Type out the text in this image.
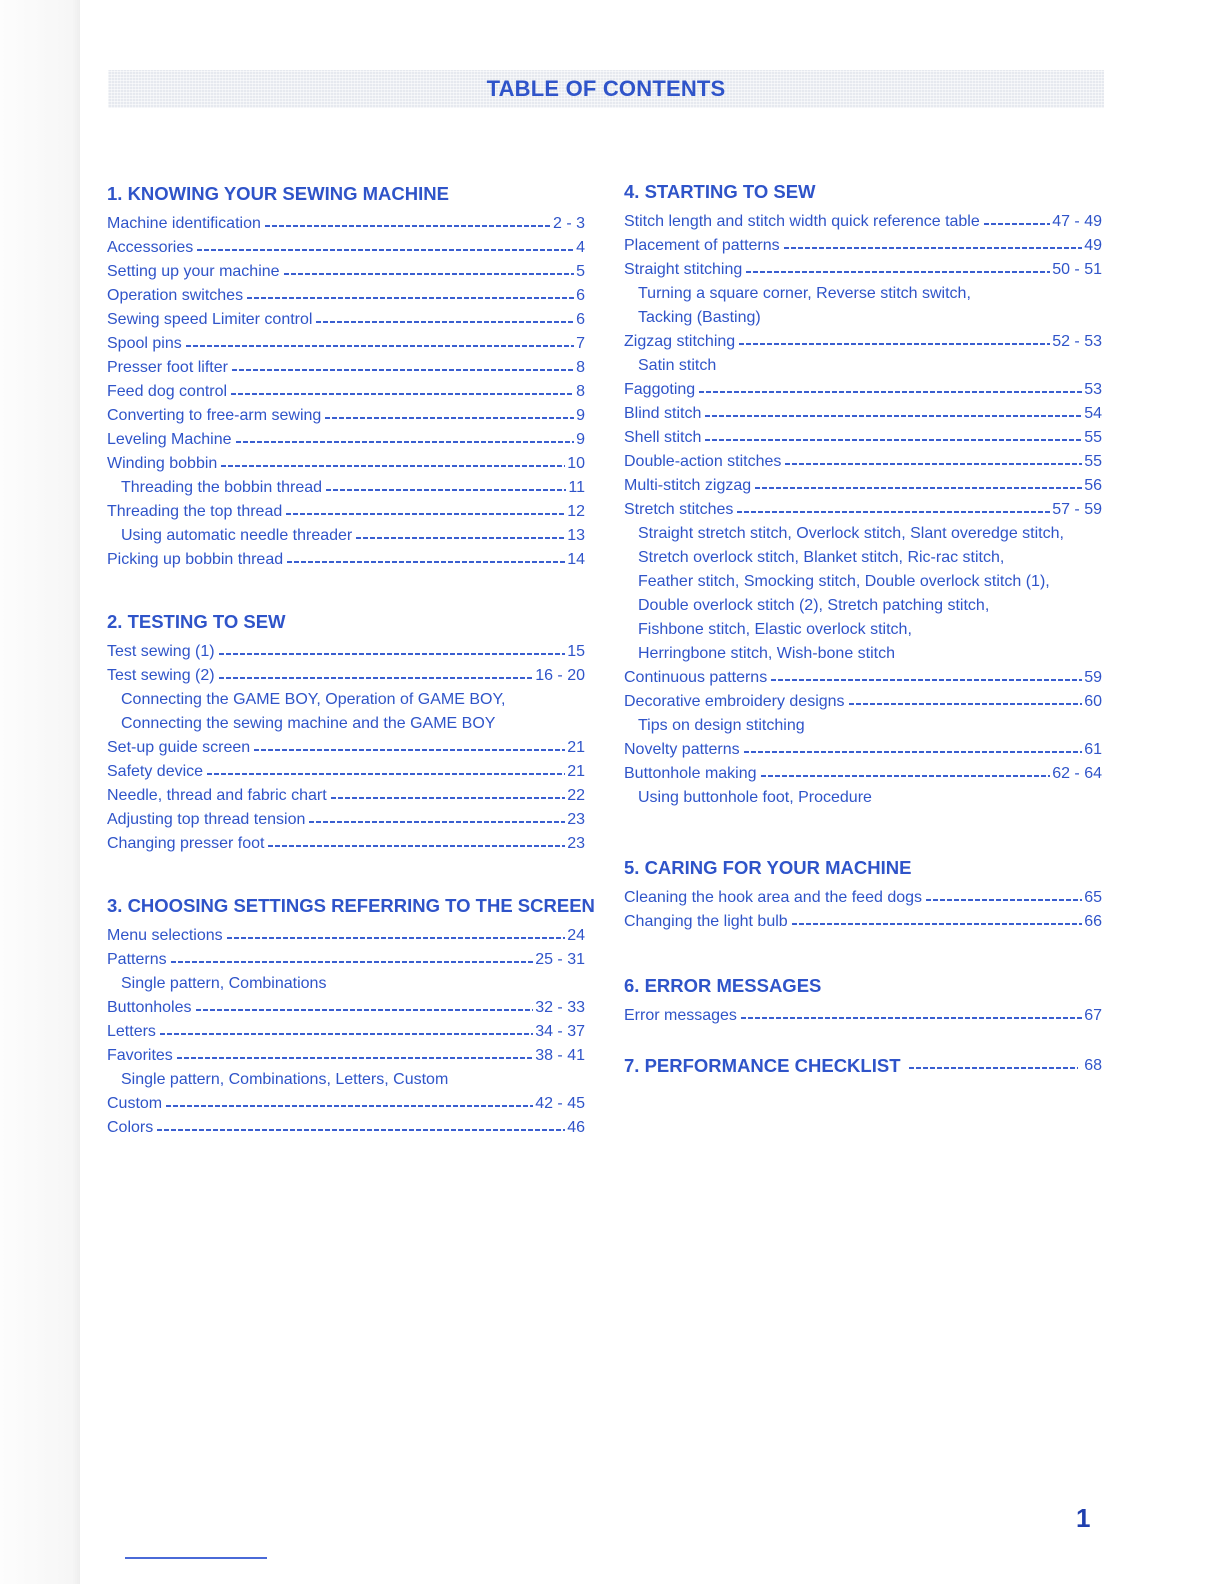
TABLE OF CONTENTS
1. KNOWING YOUR SEWING MACHINE
Machine identification	2 - 3
Accessories	4
Setting up your machine	5
Operation switches	6
Sewing speed Limiter control	6
Spool pins	7
Presser foot lifter	8
Feed dog control	8
Converting to free-arm sewing	9
Leveling Machine	9
Winding bobbin	10
Threading the bobbin thread	11
Threading the top thread	12
Using automatic needle threader	13
Picking up bobbin thread	14
2. TESTING TO SEW
Test sewing (1)	15
Test sewing (2)	16 - 20
Connecting the GAME BOY, Operation of GAME BOY,
Connecting the sewing machine and the GAME BOY
Set-up guide screen	21
Safety device	21
Needle, thread and fabric chart	22
Adjusting top thread tension	23
Changing presser foot	23
3. CHOOSING SETTINGS REFERRING TO THE SCREEN
Menu selections	24
Patterns	25 - 31
Single pattern, Combinations
Buttonholes	32 - 33
Letters	34 - 37
Favorites	38 - 41
Single pattern, Combinations, Letters, Custom
Custom	42 - 45
Colors	46
4. STARTING TO SEW
Stitch length and stitch width quick reference table	47 - 49
Placement of patterns	49
Straight stitching	50 - 51
Turning a square corner, Reverse stitch switch,
Tacking (Basting)
Zigzag stitching	52 - 53
Satin stitch
Faggoting	53
Blind stitch	54
Shell stitch	55
Double-action stitches	55
Multi-stitch zigzag	56
Stretch stitches	57 - 59
Straight stretch stitch, Overlock stitch, Slant overedge stitch,
Stretch overlock stitch, Blanket stitch, Ric-rac stitch,
Feather stitch, Smocking stitch, Double overlock stitch (1),
Double overlock stitch (2), Stretch patching stitch,
Fishbone stitch, Elastic overlock stitch,
Herringbone stitch, Wish-bone stitch
Continuous patterns	59
Decorative embroidery designs	60
Tips on design stitching
Novelty patterns	61
Buttonhole making	62 - 64
Using buttonhole foot, Procedure
5. CARING FOR YOUR MACHINE
Cleaning the hook area and the feed dogs	65
Changing the light bulb	66
6. ERROR MESSAGES
Error messages	67
7. PERFORMANCE CHECKLIST	68
1
